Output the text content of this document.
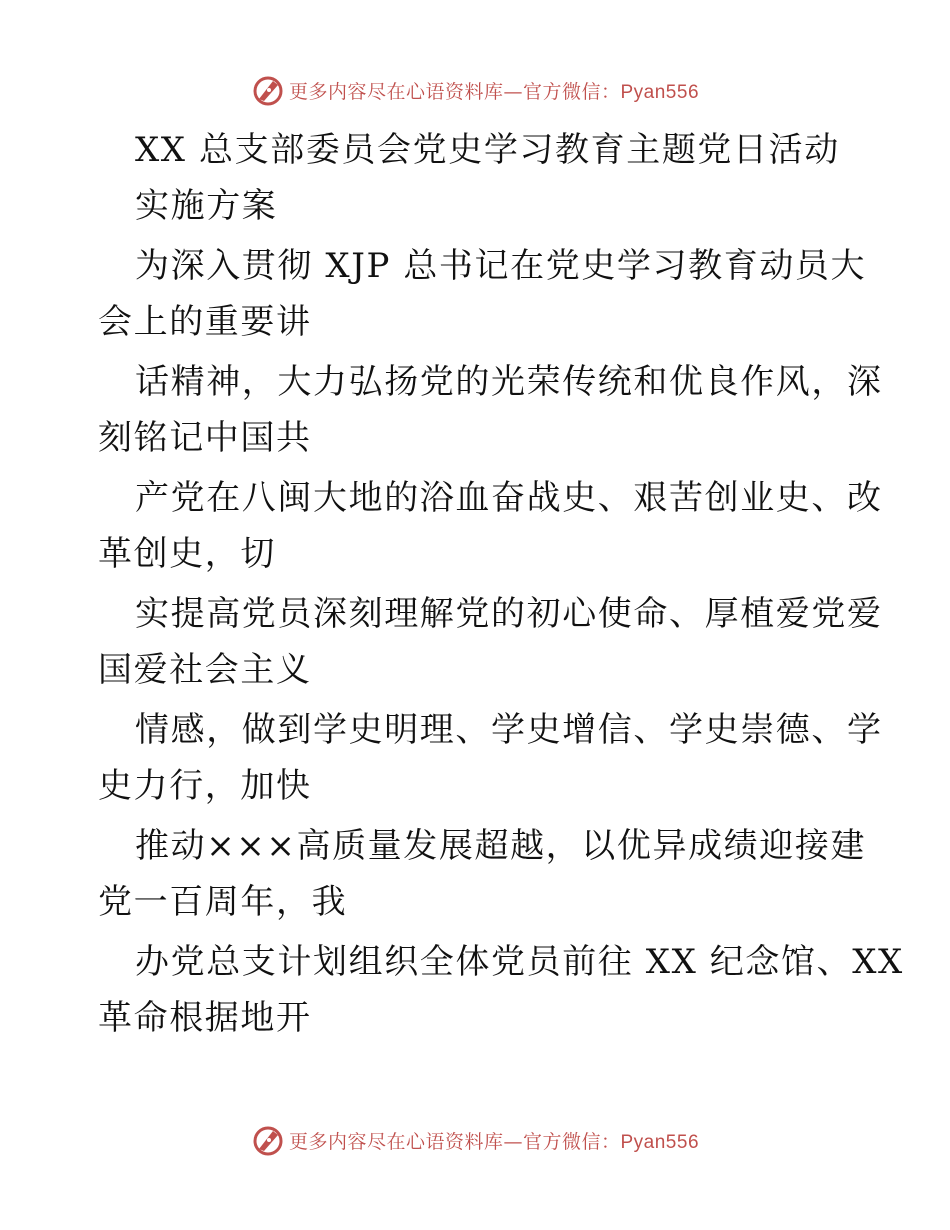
更多内容尽在心语资料库—官方微信：Pyan556
XX 总支部委员会党史学习教育主题党日活动
实施方案
为深入贯彻 XJP 总书记在党史学习教育动员大
会上的重要讲
话精神，大力弘扬党的光荣传统和优良作风，深
刻铭记中国共
产党在八闽大地的浴血奋战史、艰苦创业史、改
革创史，切
实提高党员深刻理解党的初心使命、厚植爱党爱
国爱社会主义
情感，做到学史明理、学史增信、学史崇德、学
史力行，加快
推动×××高质量发展超越，以优异成绩迎接建
党一百周年，我
办党总支计划组织全体党员前往 XX 纪念馆、XX
革命根据地开
更多内容尽在心语资料库—官方微信：Pyan556
